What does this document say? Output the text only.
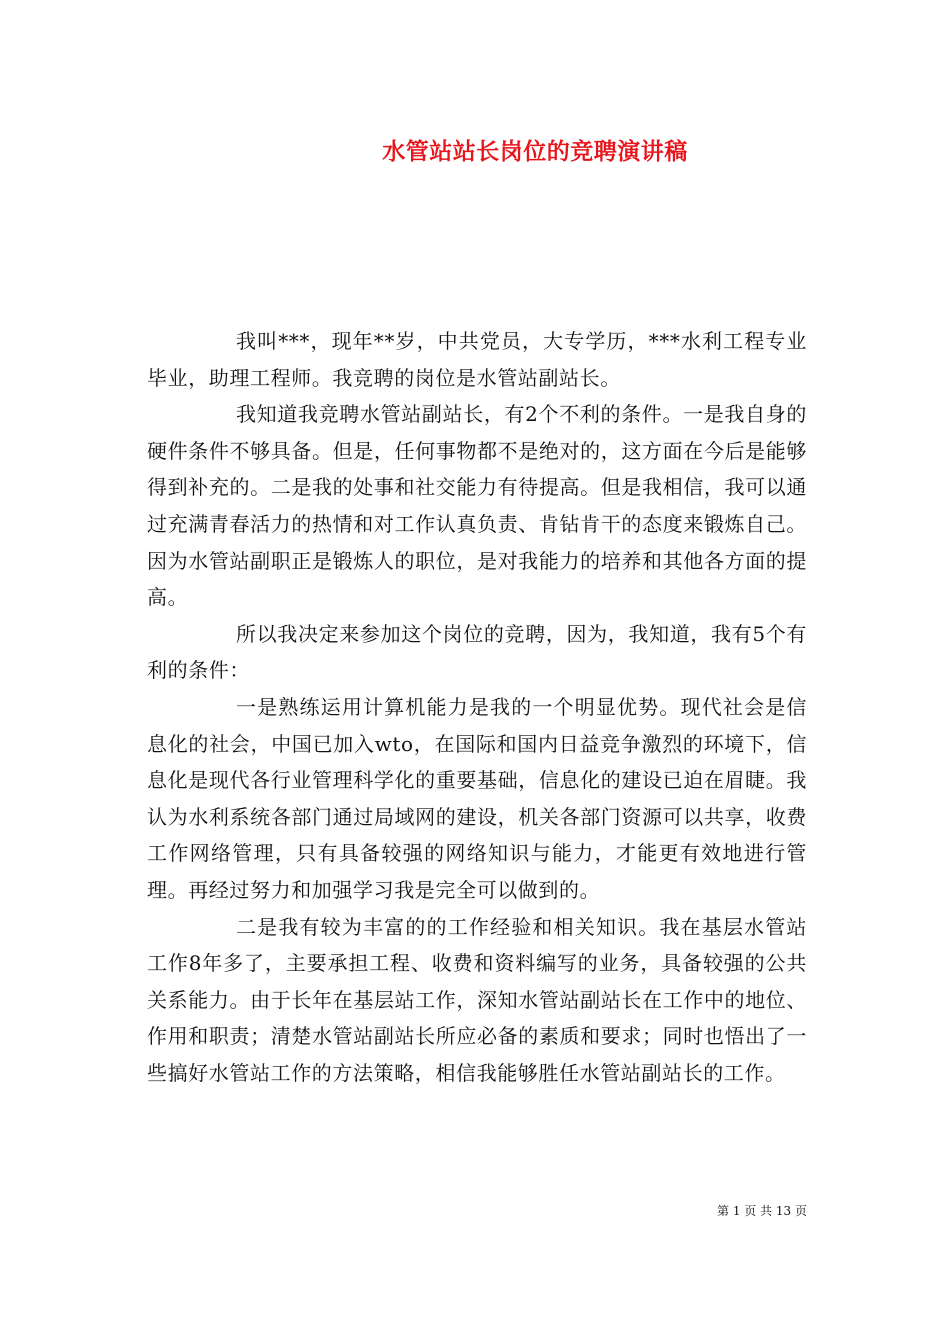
水管站站长岗位的竞聘演讲稿

我叫***，现年**岁，中共党员，大专学历，***水利工程专业毕业，助理工程师。我竞聘的岗位是水管站副站长。

我知道我竞聘水管站副站长，有2个不利的条件。一是我自身的硬件条件不够具备。但是，任何事物都不是绝对的，这方面在今后是能够得到补充的。二是我的处事和社交能力有待提高。但是我相信，我可以通过充满青春活力的热情和对工作认真负责、肯钻肯干的态度来锻炼自己。因为水管站副职正是锻炼人的职位，是对我能力的培养和其他各方面的提高。

所以我决定来参加这个岗位的竞聘，因为，我知道，我有5个有利的条件：

一是熟练运用计算机能力是我的一个明显优势。现代社会是信息化的社会，中国已加入wto，在国际和国内日益竞争激烈的环境下，信息化是现代各行业管理科学化的重要基础，信息化的建设已迫在眉睫。我认为水利系统各部门通过局域网的建设，机关各部门资源可以共享，收费工作网络管理，只有具备较强的网络知识与能力，才能更有效地进行管理。再经过努力和加强学习我是完全可以做到的。

二是我有较为丰富的的工作经验和相关知识。我在基层水管站工作8年多了，主要承担工程、收费和资料编写的业务，具备较强的公共关系能力。由于长年在基层站工作，深知水管站副站长在工作中的地位、作用和职责；清楚水管站副站长所应必备的素质和要求；同时也悟出了一些搞好水管站工作的方法策略，相信我能够胜任水管站副站长的工作。

第 1 页 共 13 页
